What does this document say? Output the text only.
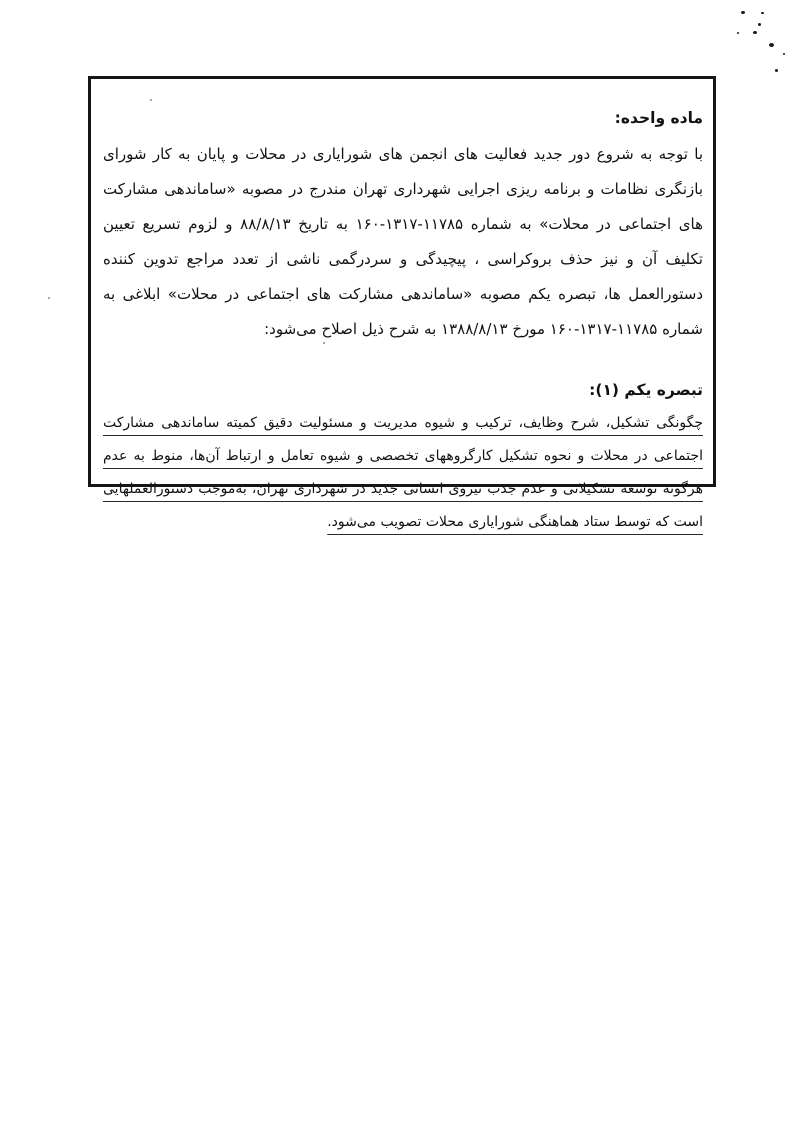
ماده واحده:

با توجه به شروع دور جدید فعالیت های انجمن های شورایاری در محلات و پایان به کار شورای بازنگری نظامات و برنامه ریزی اجرایی شهرداری تهران مندرج در مصوبه «ساماندهی مشارکت های اجتماعی در محلات» به شماره ⁦۱۶۰-۱۳۱۷-۱۱۷۸۵⁩ به تاریخ ⁦۸۸/۸/۱۳⁩ و لزوم تسریع تعیین تکلیف آن و نیز حذف بروکراسی ، پیچیدگی و سردرگمی ناشی از تعدد مراجع تدوین کننده دستورالعمل ها، تبصره یکم مصوبه «ساماندهی مشارکت های اجتماعی در محلات» ابلاغی به شماره ⁦۱۶۰-۱۳۱۷-۱۱۷۸۵⁩ مورخ ⁦۱۳۸۸/۸/۱۳⁩ به شرح ذیل اصلاح می‌شود:

تبصره یکم (۱):

چگونگی تشکیل، شرح وظایف، ترکیب و شیوه مدیریت و مسئولیت دقیق کمیته ساماندهی مشارکت اجتماعی در محلات و نحوه تشکیل کارگروههای تخصصی و شیوه تعامل و ارتباط آن‌ها، منوط به عدم هرگونه توسعه تشکیلاتی و عدم جذب نیروی انسانی جدید در شهرداری تهران، به‌موجب دستورالعملهایی است که توسط ستاد هماهنگی شورایاری محلات تصویب می‌شود.
